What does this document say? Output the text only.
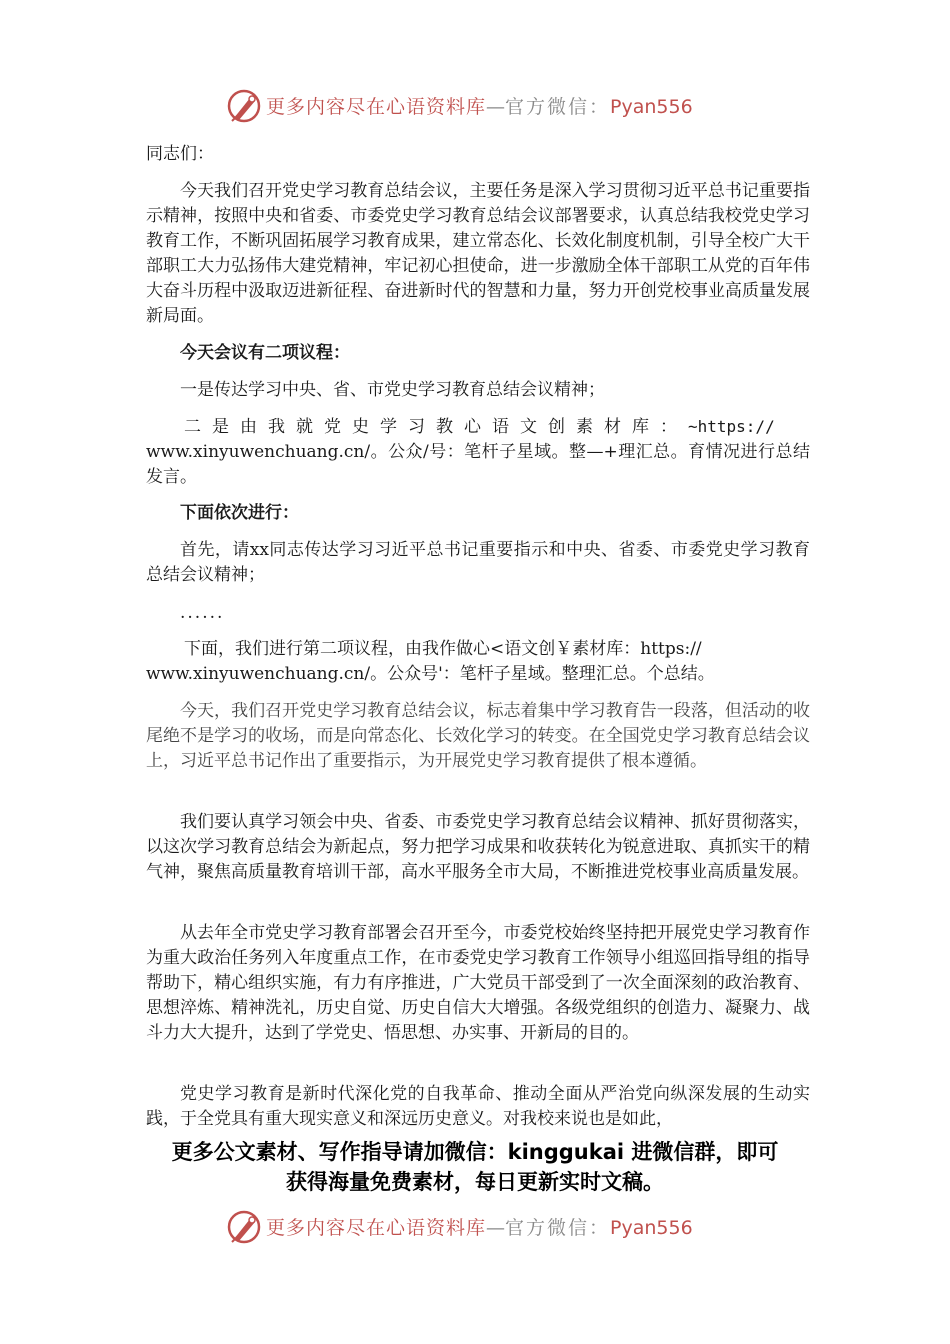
更多内容尽在心语资料库—官方微信：Pyan556

同志们：

今天我们召开党史学习教育总结会议，主要任务是深入学习贯彻习近平总书记重要指示精神，按照中央和省委、市委党史学习教育总结会议部署要求，认真总结我校党史学习教育工作，不断巩固拓展学习教育成果，建立常态化、长效化制度机制，引导全校广大干部职工大力弘扬伟大建党精神，牢记初心担使命，进一步激励全体干部职工从党的百年伟大奋斗历程中汲取迈进新征程、奋进新时代的智慧和力量，努力开创党校事业高质量发展新局面。

今天会议有二项议程：

一是传达学习中央、省、市党史学习教育总结会议精神；

二是由我就党史学习教心语文创素材库：~https://
www.xinyuwenchuang.cn/。公众/号：笔杆子星域。整—+理汇总。育情况进行总结发言。

下面依次进行：

首先，请xx同志传达学习习近平总书记重要指示和中央、省委、市委党史学习教育总结会议精神；

......

下面，我们进行第二项议程，由我作做心<语文创￥素材库：https://
www.xinyuwenchuang.cn/。公众号'：笔杆子星域。整理汇总。个总结。

今天，我们召开党史学习教育总结会议，标志着集中学习教育告一段落，但活动的收尾绝不是学习的收场，而是向常态化、长效化学习的转变。在全国党史学习教育总结会议上，习近平总书记作出了重要指示，为开展党史学习教育提供了根本遵循。

我们要认真学习领会中央、省委、市委党史学习教育总结会议精神、抓好贯彻落实，以这次学习教育总结会为新起点，努力把学习成果和收获转化为锐意进取、真抓实干的精气神，聚焦高质量教育培训干部，高水平服务全市大局，不断推进党校事业高质量发展。

从去年全市党史学习教育部署会召开至今，市委党校始终坚持把开展党史学习教育作为重大政治任务列入年度重点工作，在市委党史学习教育工作领导小组巡回指导组的指导帮助下，精心组织实施，有力有序推进，广大党员干部受到了一次全面深刻的政治教育、思想淬炼、精神洗礼，历史自觉、历史自信大大增强。各级党组织的创造力、凝聚力、战斗力大大提升，达到了学党史、悟思想、办实事、开新局的目的。

党史学习教育是新时代深化党的自我革命、推动全面从严治党向纵深发展的生动实践，于全党具有重大现实意义和深远历史意义。对我校来说也是如此，

更多公文素材、写作指导请加微信：kinggukai 进微信群，即可
获得海量免费素材，每日更新实时文稿。
更多内容尽在心语资料库—官方微信：Pyan556
